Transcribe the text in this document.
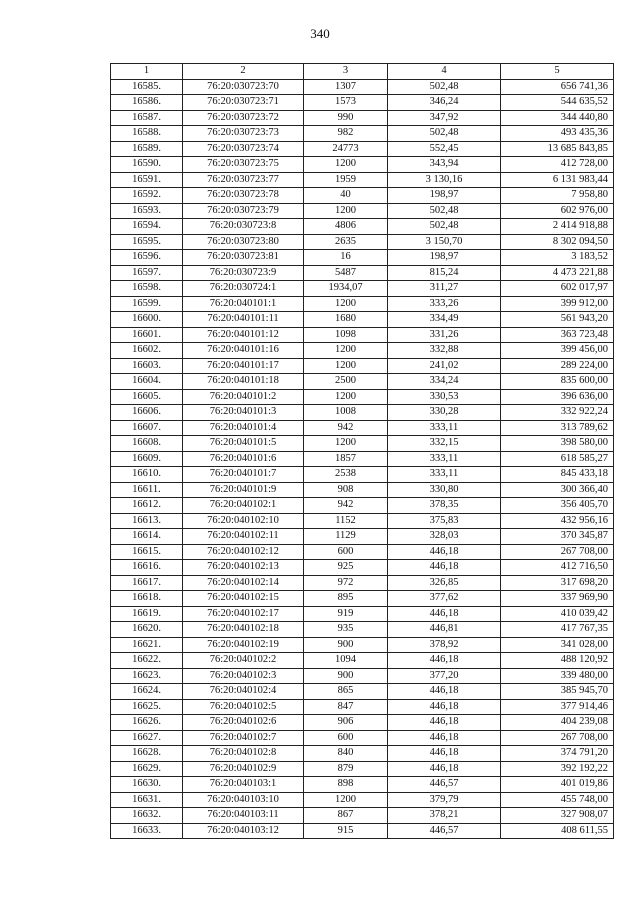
340
1	2	3	4	5
16585.	76:20:030723:70	1307	502,48	656 741,36
16586.	76:20:030723:71	1573	346,24	544 635,52
16587.	76:20:030723:72	990	347,92	344 440,80
16588.	76:20:030723:73	982	502,48	493 435,36
16589.	76:20:030723:74	24773	552,45	13 685 843,85
16590.	76:20:030723:75	1200	343,94	412 728,00
16591.	76:20:030723:77	1959	3 130,16	6 131 983,44
16592.	76:20:030723:78	40	198,97	7 958,80
16593.	76:20:030723:79	1200	502,48	602 976,00
16594.	76:20:030723:8	4806	502,48	2 414 918,88
16595.	76:20:030723:80	2635	3 150,70	8 302 094,50
16596.	76:20:030723:81	16	198,97	3 183,52
16597.	76:20:030723:9	5487	815,24	4 473 221,88
16598.	76:20:030724:1	1934,07	311,27	602 017,97
16599.	76:20:040101:1	1200	333,26	399 912,00
16600.	76:20:040101:11	1680	334,49	561 943,20
16601.	76:20:040101:12	1098	331,26	363 723,48
16602.	76:20:040101:16	1200	332,88	399 456,00
16603.	76:20:040101:17	1200	241,02	289 224,00
16604.	76:20:040101:18	2500	334,24	835 600,00
16605.	76:20:040101:2	1200	330,53	396 636,00
16606.	76:20:040101:3	1008	330,28	332 922,24
16607.	76:20:040101:4	942	333,11	313 789,62
16608.	76:20:040101:5	1200	332,15	398 580,00
16609.	76:20:040101:6	1857	333,11	618 585,27
16610.	76:20:040101:7	2538	333,11	845 433,18
16611.	76:20:040101:9	908	330,80	300 366,40
16612.	76:20:040102:1	942	378,35	356 405,70
16613.	76:20:040102:10	1152	375,83	432 956,16
16614.	76:20:040102:11	1129	328,03	370 345,87
16615.	76:20:040102:12	600	446,18	267 708,00
16616.	76:20:040102:13	925	446,18	412 716,50
16617.	76:20:040102:14	972	326,85	317 698,20
16618.	76:20:040102:15	895	377,62	337 969,90
16619.	76:20:040102:17	919	446,18	410 039,42
16620.	76:20:040102:18	935	446,81	417 767,35
16621.	76:20:040102:19	900	378,92	341 028,00
16622.	76:20:040102:2	1094	446,18	488 120,92
16623.	76:20:040102:3	900	377,20	339 480,00
16624.	76:20:040102:4	865	446,18	385 945,70
16625.	76:20:040102:5	847	446,18	377 914,46
16626.	76:20:040102:6	906	446,18	404 239,08
16627.	76:20:040102:7	600	446,18	267 708,00
16628.	76:20:040102:8	840	446,18	374 791,20
16629.	76:20:040102:9	879	446,18	392 192,22
16630.	76:20:040103:1	898	446,57	401 019,86
16631.	76:20:040103:10	1200	379,79	455 748,00
16632.	76:20:040103:11	867	378,21	327 908,07
16633.	76:20:040103:12	915	446,57	408 611,55
